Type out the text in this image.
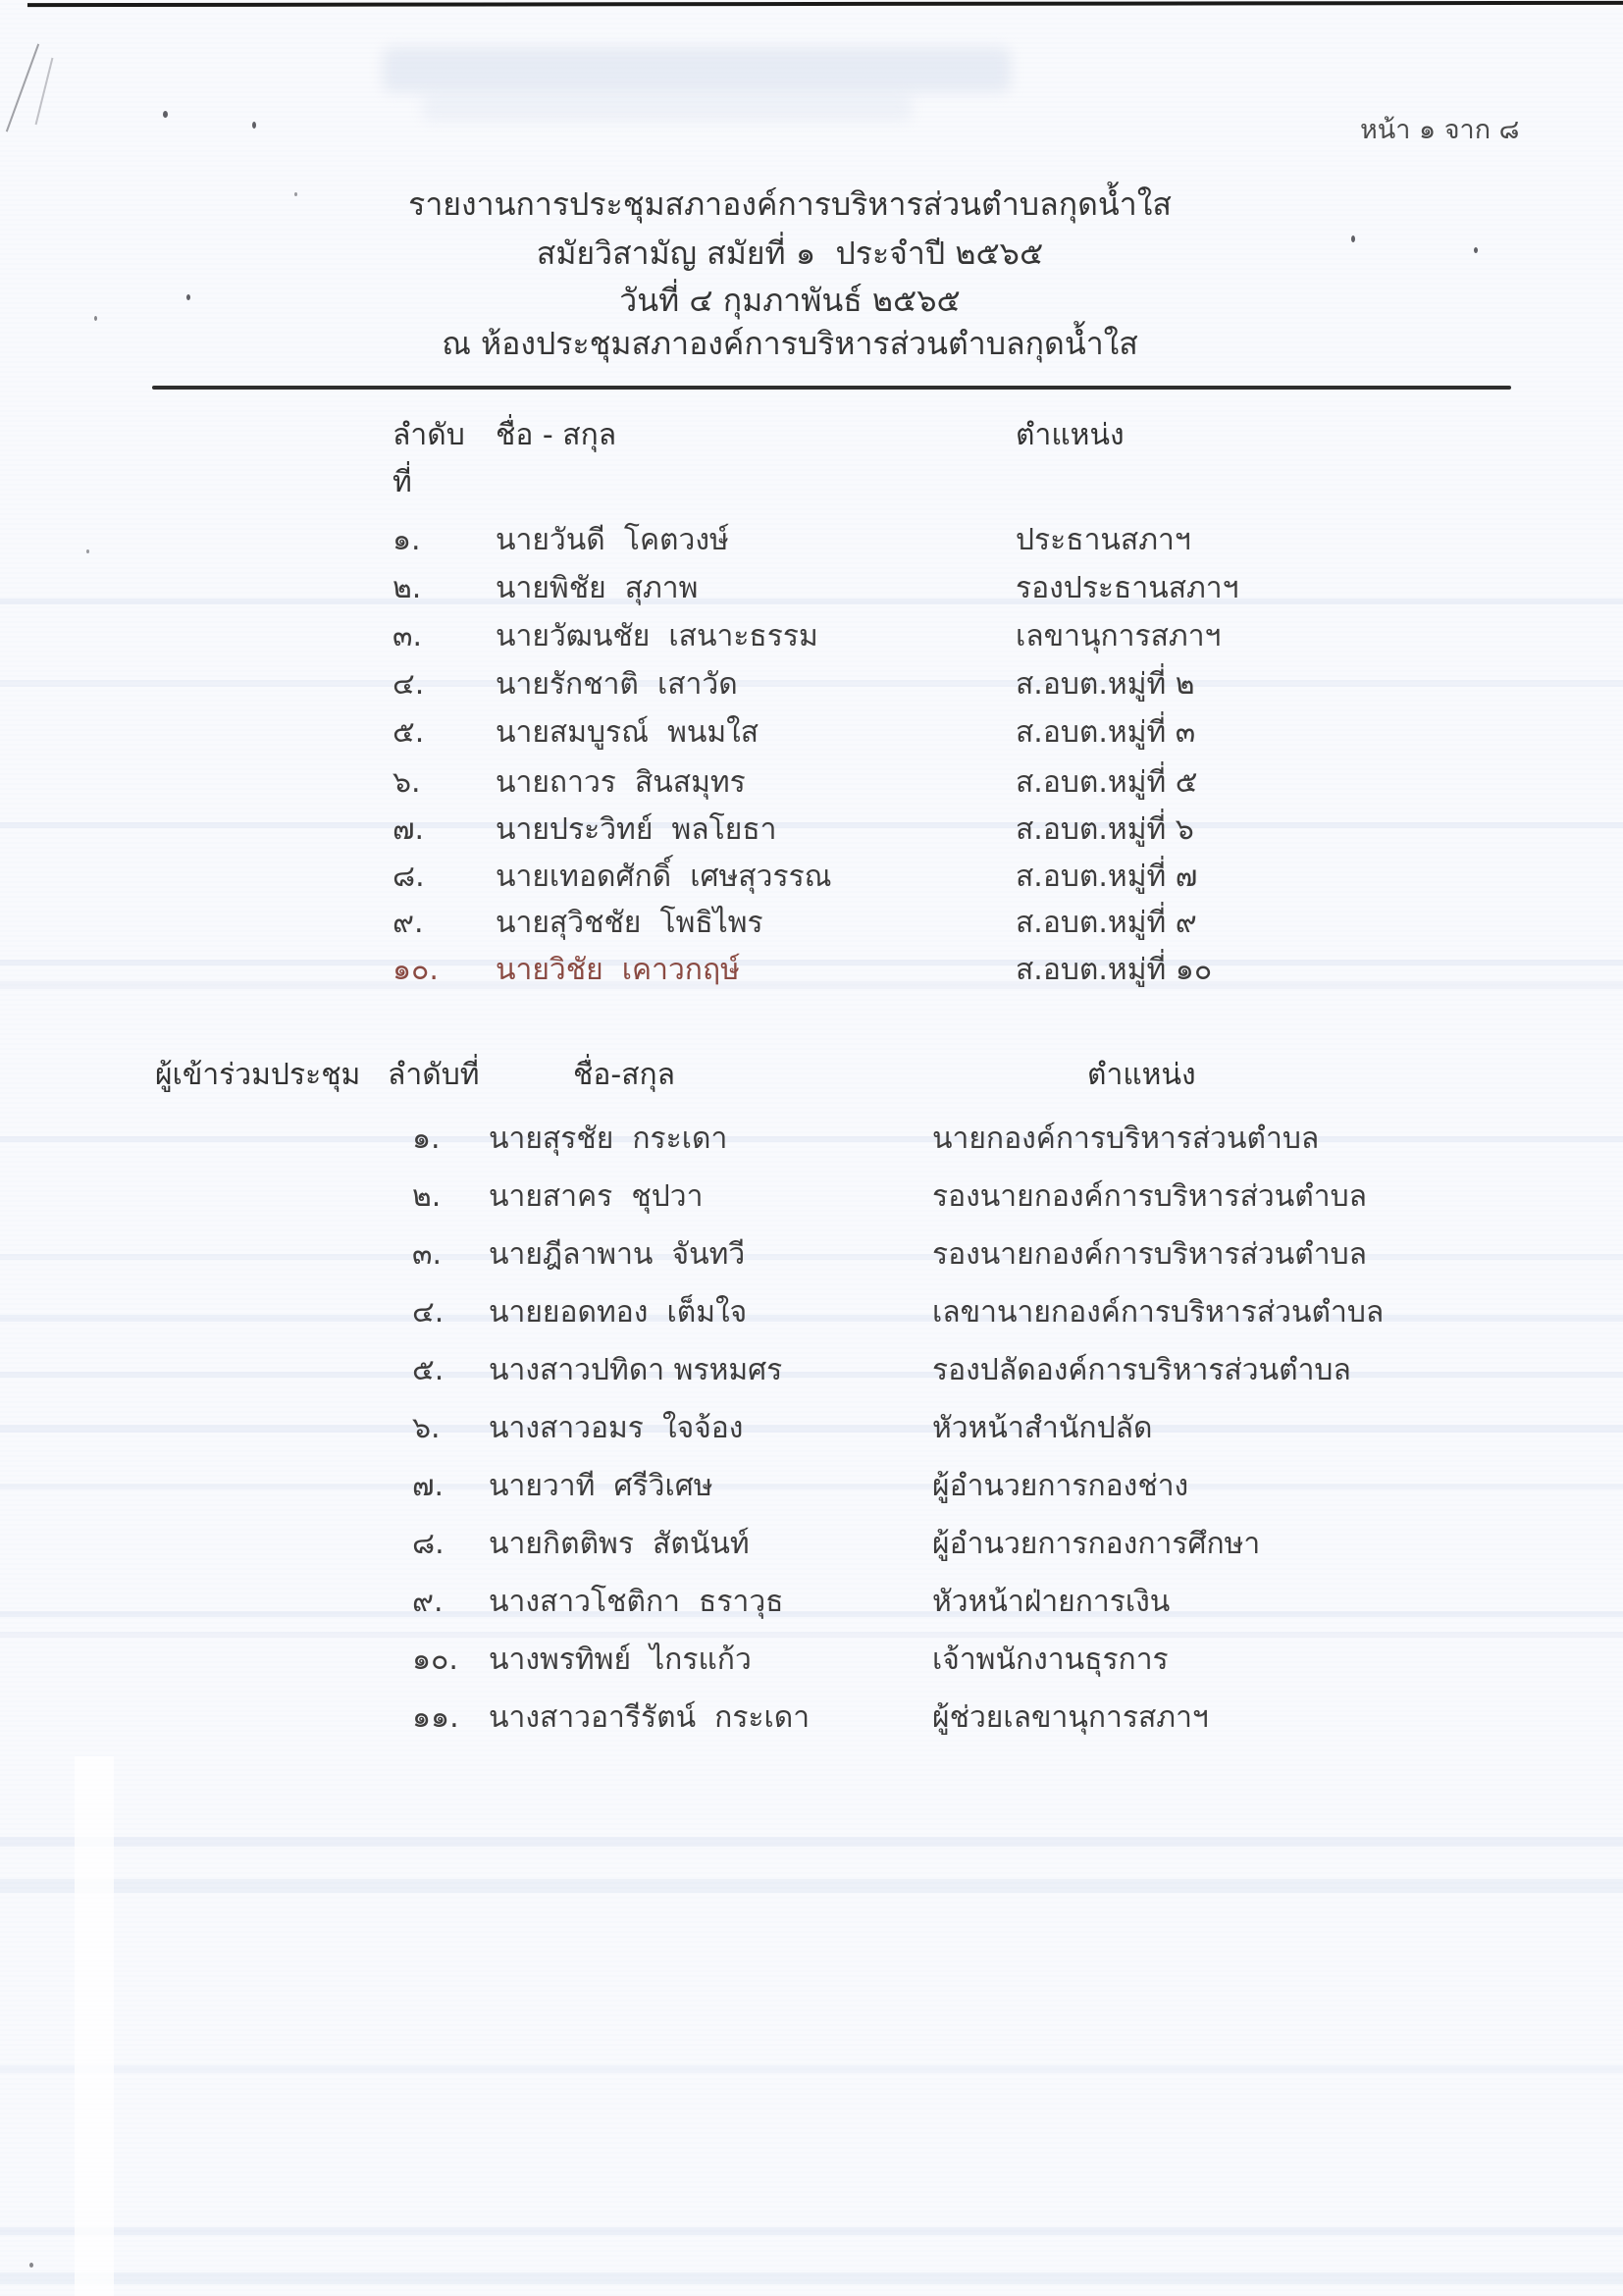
หน้า ๑ จาก ๘
รายงานการประชุมสภาองค์การบริหารส่วนตำบลกุดน้ำใส
สมัยวิสามัญ สมัยที่ ๑  ประจำปี ๒๕๖๕
วันที่ ๔ กุมภาพันธ์ ๒๕๖๕
ณ ห้องประชุมสภาองค์การบริหารส่วนตำบลกุดน้ำใส
ลำดับ
ที่
ชื่อ - สกุล	ตำแหน่ง
๑.	นายวันดี  โคตวงษ์	ประธานสภาฯ
๒.	นายพิชัย  สุภาพ	รองประธานสภาฯ
๓. นายวัฒนชัย  เสนาะธรรม	เลขานุการสภาฯ
๔. นายรักชาติ  เสาวัด	ส.อบต.หมู่ที่ ๒
๕. นายสมบูรณ์  พนมใส	ส.อบต.หมู่ที่ ๓
๖.	นายถาวร  สินสมุทร	ส.อบต.หมู่ที่ ๕
๗. นายประวิทย์  พลโยธา	ส.อบต.หมู่ที่ ๖
๘. นายเทอดศักดิ์  เศษสุวรรณ	ส.อบต.หมู่ที่ ๗
๙. นายสุวิชชัย  โพธิไพร	ส.อบต.หมู่ที่ ๙
๑๐. นายวิชัย  เคาวกฤษ์	ส.อบต.หมู่ที่ ๑๐
ผู้เข้าร่วมประชุม ลำดับที่	ชื่อ-สกุล	ตำแหน่ง
๑. นายสุรชัย  กระเดา	นายกองค์การบริหารส่วนตำบล
๒. นายสาคร  ชุปวา	รองนายกองค์การบริหารส่วนตำบล
๓. นายฎีลาพาน  จันทวี	รองนายกองค์การบริหารส่วนตำบล
๔. นายยอดทอง  เต็มใจ	เลขานายกองค์การบริหารส่วนตำบล
๕. นางสาวปทิดา พรหมศร	รองปลัดองค์การบริหารส่วนตำบล
๖. นางสาวอมร  ใจจ้อง	หัวหน้าสำนักปลัด
๗. นายวาที  ศรีวิเศษ	ผู้อำนวยการกองช่าง
๘. นายกิตติพร  สัตนันท์	ผู้อำนวยการกองการศึกษา
๙. นางสาวโชติกา  ธราวุธ	หัวหน้าฝ่ายการเงิน
๑๐. นางพรทิพย์  ไกรแก้ว	เจ้าพนักงานธุรการ
๑๑. นางสาวอารีรัตน์  กระเดา	ผู้ช่วยเลขานุการสภาฯ
